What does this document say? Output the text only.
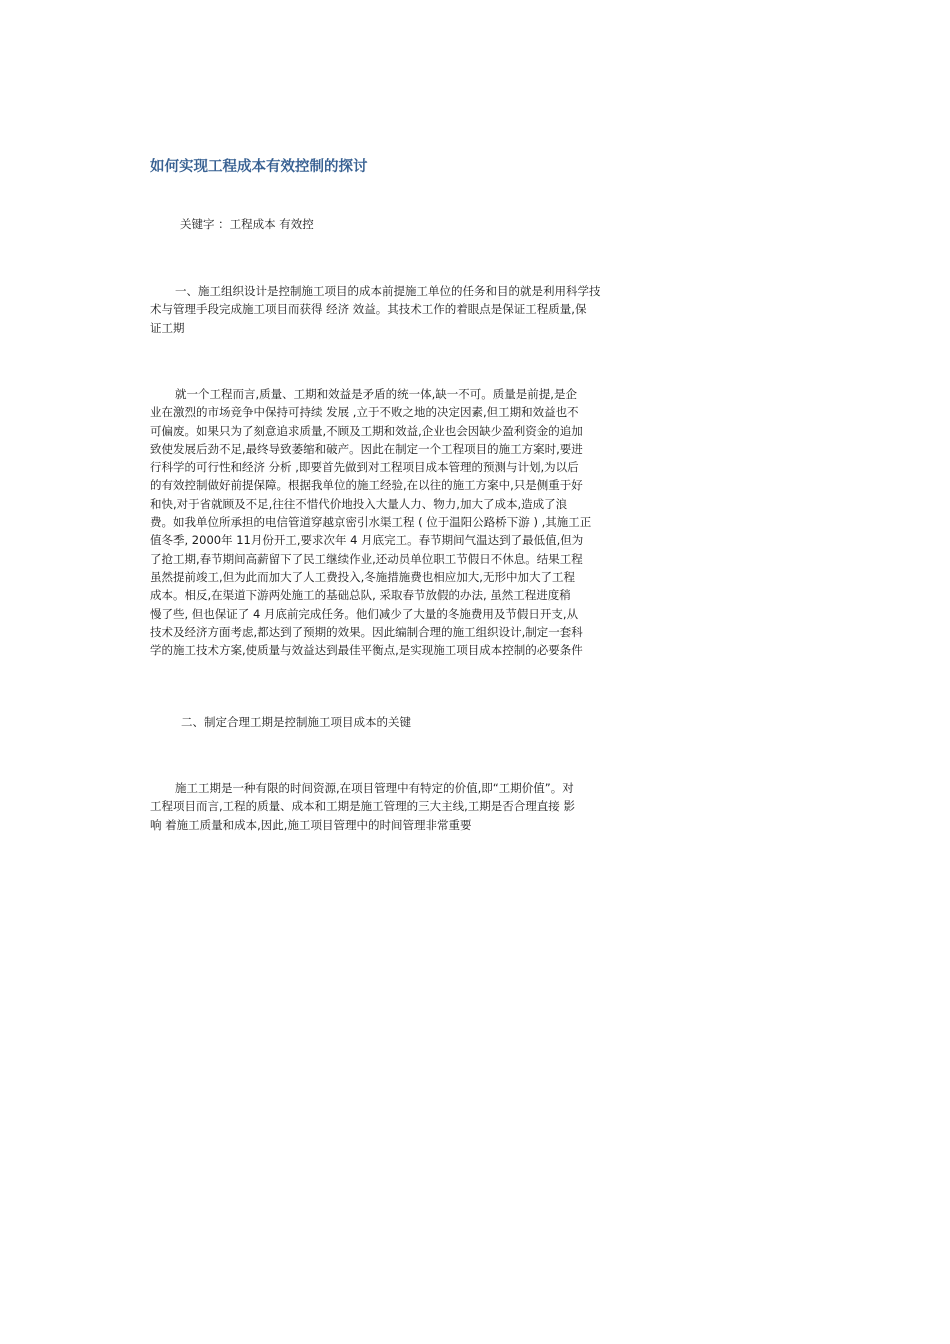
如何实现工程成本有效控制的探讨
关键字 ：工程成本 有效控
一、施工组织设计是控制施工项目的成本前提施工单位的任务和目的就是利用科学技
术与管理手段完成施工项目而获得 经济 效益。其技术工作的着眼点是保证工程质量,保
证工期
就一个工程而言,质量、工期和效益是矛盾的统一体,缺一不可。质量是前提,是企
业在激烈的市场竞争中保持可持续 发展 ,立于不败之地的决定因素,但工期和效益也不
可偏废。如果只为了刻意追求质量,不顾及工期和效益,企业也会因缺少盈利资金的追加
致使发展后劲不足,最终导致萎缩和破产。因此在制定一个工程项目的施工方案时,要进
行科学的可行性和经济 分析 ,即要首先做到对工程项目成本管理的预测与计划,为以后
的有效控制做好前提保障。根据我单位的施工经验,在以往的施工方案中,只是侧重于好
和快,对于省就顾及不足,往往不惜代价地投入大量人力、物力,加大了成本,造成了浪
费。如我单位所承担的电信管道穿越京密引水渠工程 ( 位于温阳公路桥下游 ) ,其施工正
值冬季, 2000年 11月份开工,要求次年 4 月底完工。春节期间气温达到了最低值,但为
了抢工期,春节期间高薪留下了民工继续作业,还动员单位职工节假日不休息。结果工程
虽然提前竣工,但为此而加大了人工费投入,冬施措施费也相应加大,无形中加大了工程
成本。相反,在渠道下游两处施工的基础总队, 采取春节放假的办法, 虽然工程进度稍
慢了些, 但也保证了 4 月底前完成任务。他们减少了大量的冬施费用及节假日开支,从
技术及经济方面考虑,都达到了预期的效果。因此编制合理的施工组织设计,制定一套科
学的施工技术方案,使质量与效益达到最佳平衡点,是实现施工项目成本控制的必要条件
二、制定合理工期是控制施工项目成本的关键
施工工期是一种有限的时间资源,在项目管理中有特定的价值,即“工期价值”。对
工程项目而言,工程的质量、成本和工期是施工管理的三大主线,工期是否合理直接 影
响 着施工质量和成本,因此,施工项目管理中的时间管理非常重要
